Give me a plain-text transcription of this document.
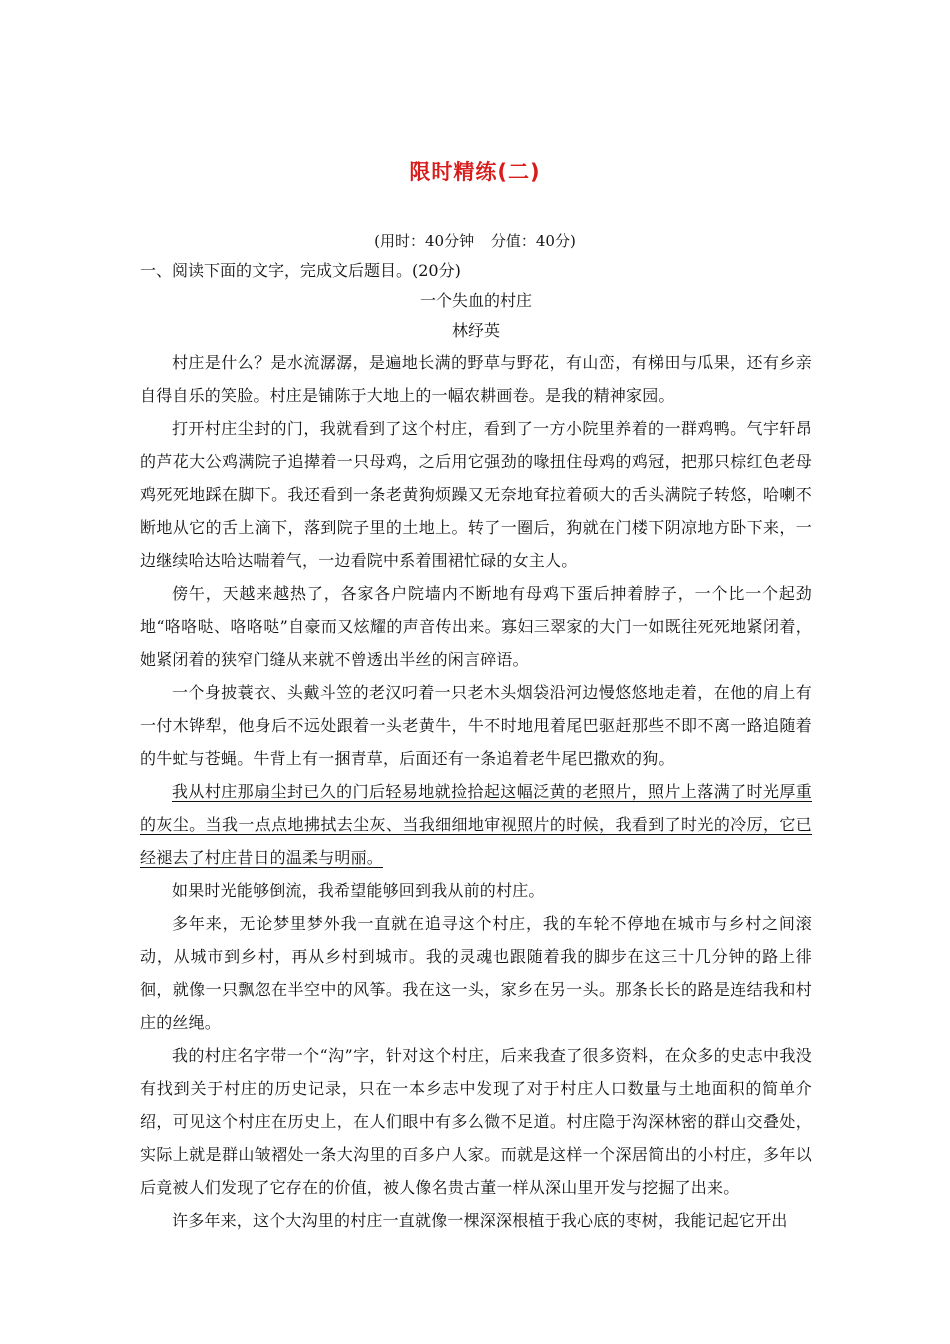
限时精练(二)
(用时：40分钟 分值：40分)

一、阅读下面的文字，完成文后题目。(20分)

一个失血的村庄

林纾英

村庄是什么？是水流潺潺，是遍地长满的野草与野花，有山峦，有梯田与瓜果，还有乡亲自得自乐的笑脸。村庄是铺陈于大地上的一幅农耕画卷。是我的精神家园。

打开村庄尘封的门，我就看到了这个村庄，看到了一方小院里养着的一群鸡鸭。气宇轩昂的芦花大公鸡满院子追撵着一只母鸡，之后用它强劲的喙扭住母鸡的鸡冠，把那只棕红色老母鸡死死地踩在脚下。我还看到一条老黄狗烦躁又无奈地耷拉着硕大的舌头满院子转悠，哈喇不断地从它的舌上滴下，落到院子里的土地上。转了一圈后，狗就在门楼下阴凉地方卧下来，一边继续哈达哈达喘着气，一边看院中系着围裙忙碌的女主人。

傍午，天越来越热了，各家各户院墙内不断地有母鸡下蛋后抻着脖子，一个比一个起劲地“咯咯哒、咯咯哒”自豪而又炫耀的声音传出来。寡妇三翠家的大门一如既往死死地紧闭着，她紧闭着的狭窄门缝从来就不曾透出半丝的闲言碎语。

一个身披蓑衣、头戴斗笠的老汉叼着一只老木头烟袋沿河边慢悠悠地走着，在他的肩上有一付木铧犁，他身后不远处跟着一头老黄牛，牛不时地甩着尾巴驱赶那些不即不离一路追随着的牛虻与苍蝇。牛背上有一捆青草，后面还有一条追着老牛尾巴撒欢的狗。

我从村庄那扇尘封已久的门后轻易地就捡拾起这幅泛黄的老照片，照片上落满了时光厚重的灰尘。当我一点点地拂拭去尘灰、当我细细地审视照片的时候，我看到了时光的冷厉，它已经褪去了村庄昔日的温柔与明丽。

如果时光能够倒流，我希望能够回到我从前的村庄。

多年来，无论梦里梦外我一直就在追寻这个村庄，我的车轮不停地在城市与乡村之间滚动，从城市到乡村，再从乡村到城市。我的灵魂也跟随着我的脚步在这三十几分钟的路上徘徊，就像一只飘忽在半空中的风筝。我在这一头，家乡在另一头。那条长长的路是连结我和村庄的丝绳。

我的村庄名字带一个“沟”字，针对这个村庄，后来我查了很多资料，在众多的史志中我没有找到关于村庄的历史记录，只在一本乡志中发现了对于村庄人口数量与土地面积的简单介绍，可见这个村庄在历史上，在人们眼中有多么微不足道。村庄隐于沟深林密的群山交叠处，实际上就是群山皱褶处一条大沟里的百多户人家。而就是这样一个深居简出的小村庄，多年以后竟被人们发现了它存在的价值，被人像名贵古董一样从深山里开发与挖掘了出来。

许多年来，这个大沟里的村庄一直就像一棵深深根植于我心底的枣树，我能记起它开出
